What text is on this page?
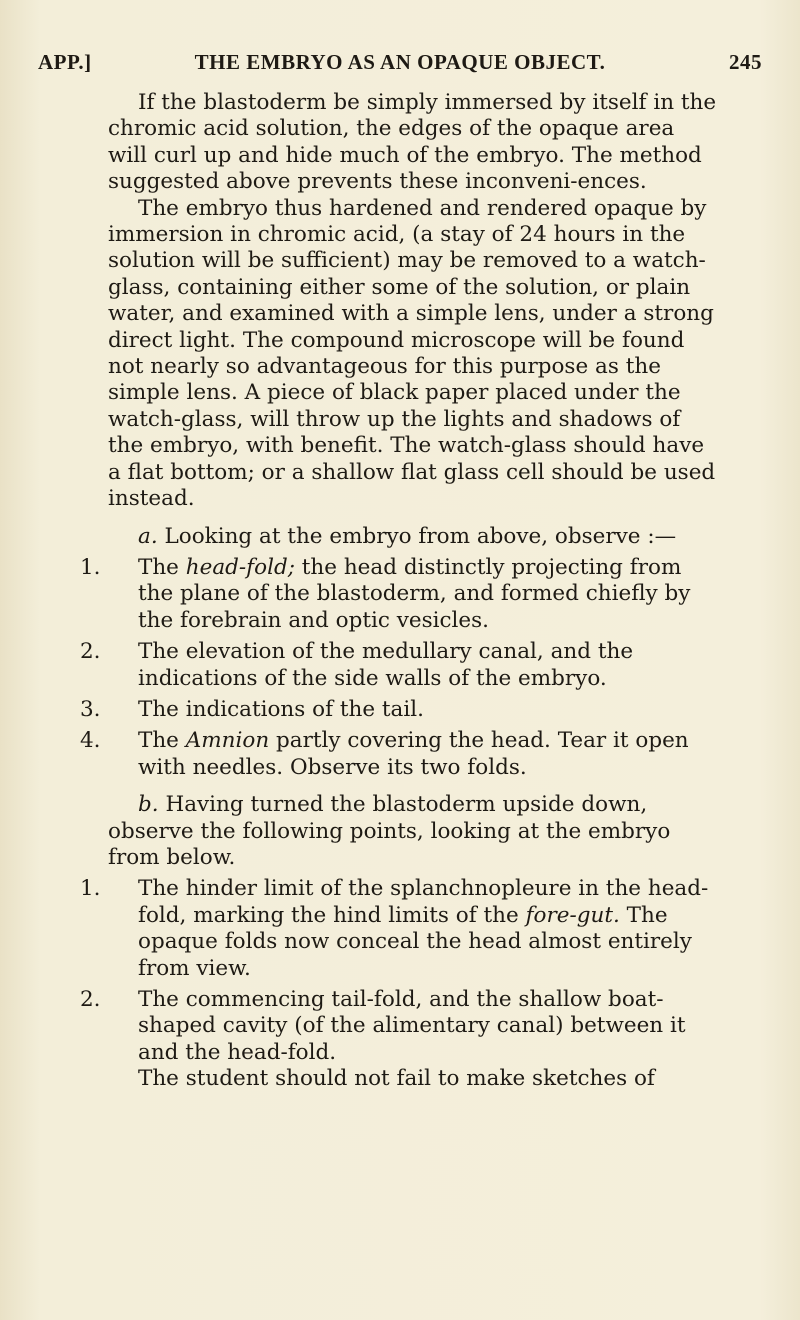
APP.]	THE EMBRYO AS AN OPAQUE OBJECT.	245

If the blastoderm be simply immersed by itself in the chromic acid solution, the edges of the opaque area will curl up and hide much of the embryo. The method suggested above prevents these inconveni-ences.

The embryo thus hardened and rendered opaque by immersion in chromic acid, (a stay of 24 hours in the solution will be sufficient) may be removed to a watch-glass, containing either some of the solution, or plain water, and examined with a simple lens, under a strong direct light. The compound microscope will be found not nearly so advantageous for this purpose as the simple lens. A piece of black paper placed under the watch-glass, will throw up the lights and shadows of the embryo, with benefit. The watch-glass should have a flat bottom; or a shallow flat glass cell should be used instead.

a. Looking at the embryo from above, observe :—

1. The head-fold; the head distinctly projecting from the plane of the blastoderm, and formed chiefly by the forebrain and optic vesicles.
2. The elevation of the medullary canal, and the indications of the side walls of the embryo.
3. The indications of the tail.
4. The Amnion partly covering the head. Tear it open with needles. Observe its two folds.

b. Having turned the blastoderm upside down, observe the following points, looking at the embryo from below.

1. The hinder limit of the splanchnopleure in the head-fold, marking the hind limits of the fore-gut. The opaque folds now conceal the head almost entirely from view.
2. The commencing tail-fold, and the shallow boat-shaped cavity (of the alimentary canal) between it and the head-fold.

The student should not fail to make sketches of
